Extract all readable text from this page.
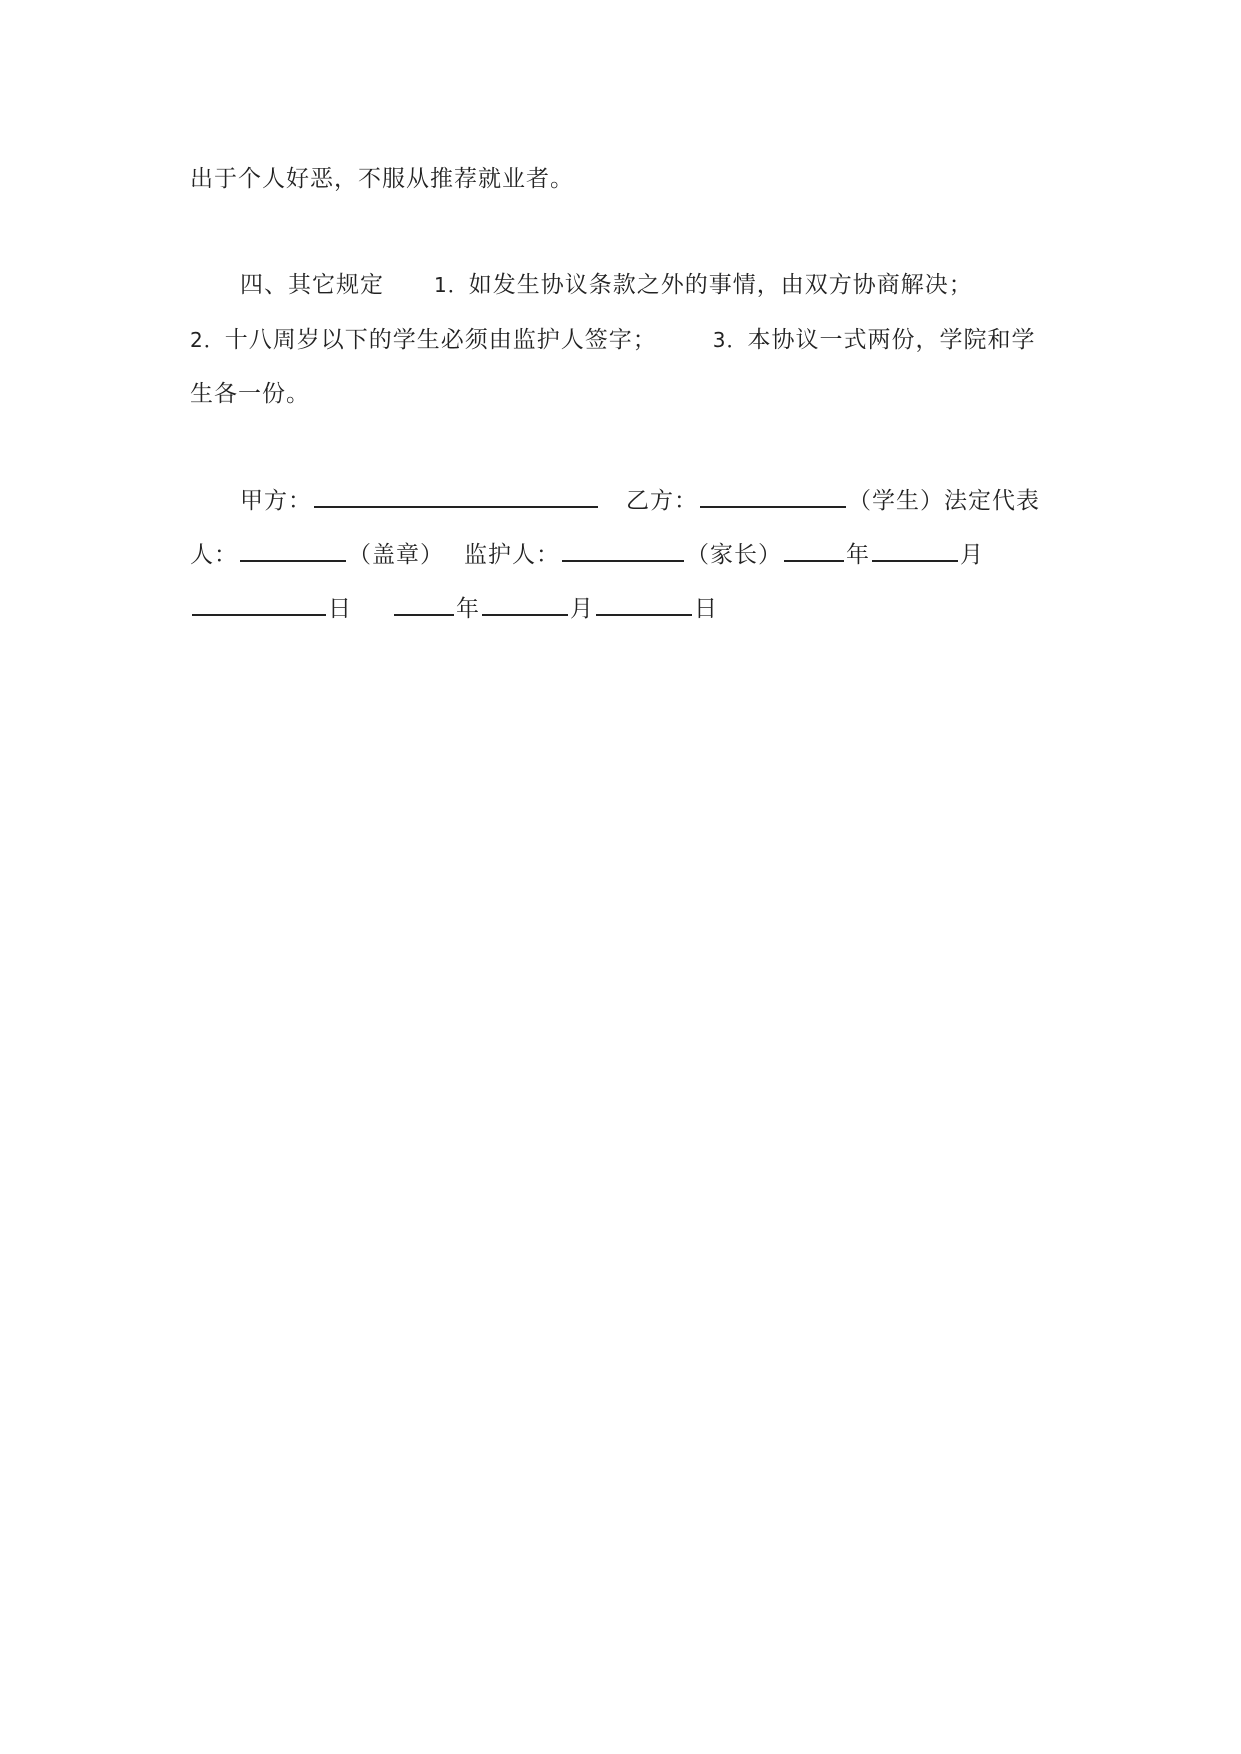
出于个人好恶，不服从推荐就业者。
四、其它规定	1．如发生协议条款之外的事情，由双方协商解决；
2．十八周岁以下的学生必须由监护人签字；	3．本协议一式两份，学院和学
生各一份。
甲方：	乙方：	（学生）法定代表
人：	（盖章） 监护人：	（家长）	年	月
日	年	月	日
